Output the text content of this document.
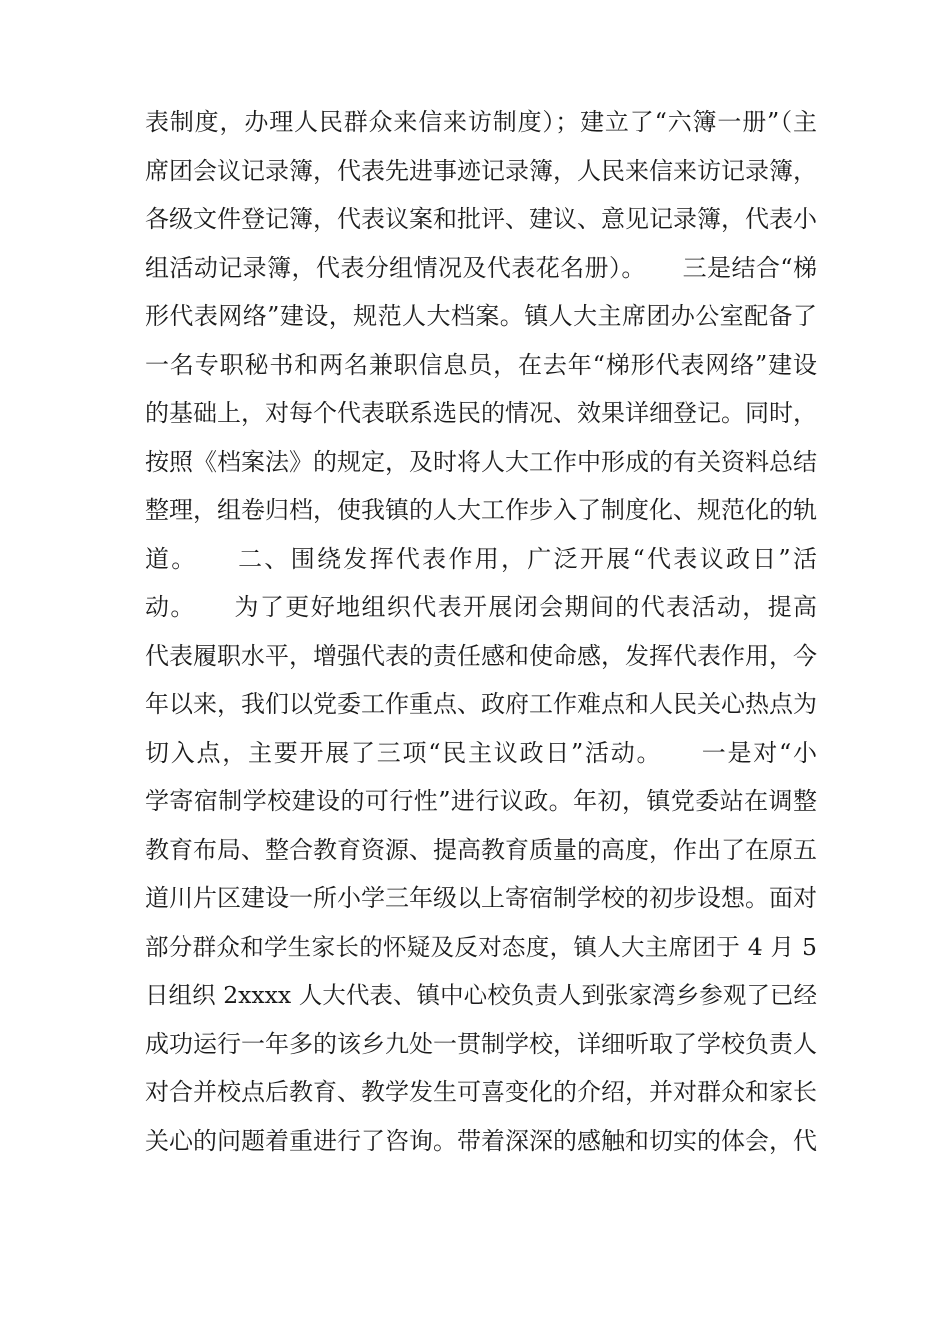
表制度，办理人民群众来信来访制度）；建立了“六簿一册”（主
席团会议记录簿，代表先进事迹记录簿，人民来信来访记录簿，
各级文件登记簿，代表议案和批评、建议、意见记录簿，代表小
组活动记录簿，代表分组情况及代表花名册）。　　三是结合“梯
形代表网络”建设，规范人大档案。镇人大主席团办公室配备了
一名专职秘书和两名兼职信息员，在去年“梯形代表网络”建设
的基础上，对每个代表联系选民的情况、效果详细登记。同时，
按照《档案法》的规定，及时将人大工作中形成的有关资料总结
整理，组卷归档，使我镇的人大工作步入了制度化、规范化的轨
道。　　二、围绕发挥代表作用，广泛开展“代表议政日”活
动。　　为了更好地组织代表开展闭会期间的代表活动，提高
代表履职水平，增强代表的责任感和使命感，发挥代表作用，今
年以来，我们以党委工作重点、政府工作难点和人民关心热点为
切入点，主要开展了三项“民主议政日”活动。　　一是对“小
学寄宿制学校建设的可行性”进行议政。年初，镇党委站在调整
教育布局、整合教育资源、提高教育质量的高度，作出了在原五
道川片区建设一所小学三年级以上寄宿制学校的初步设想。面对
部分群众和学生家长的怀疑及反对态度，镇人大主席团于 4 月 5
日组织 2xxxx 人大代表、镇中心校负责人到张家湾乡参观了已经
成功运行一年多的该乡九处一贯制学校，详细听取了学校负责人
对合并校点后教育、教学发生可喜变化的介绍，并对群众和家长
关心的问题着重进行了咨询。带着深深的感触和切实的体会，代
